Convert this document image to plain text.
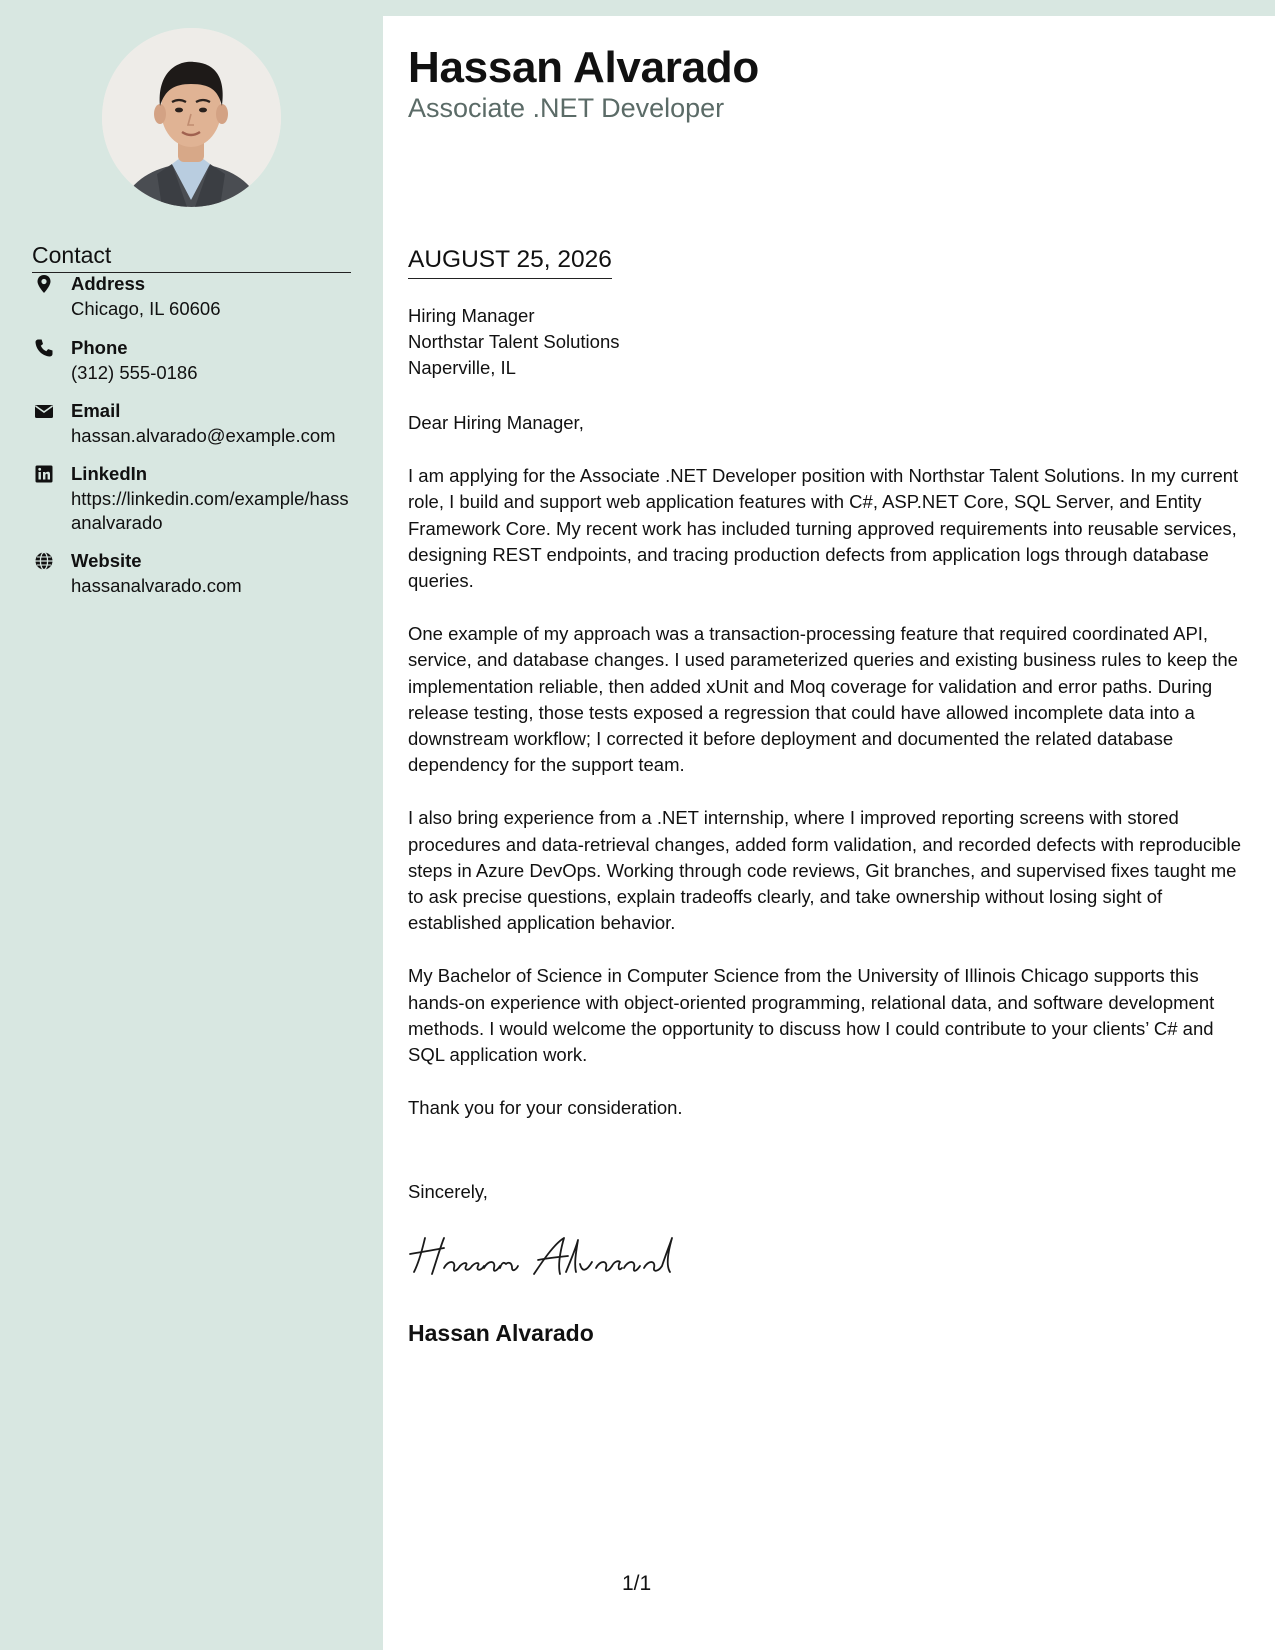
Contact
Address
Chicago, IL 60606
Phone
(312) 555-0186
Email
hassan.alvarado@example.com
LinkedIn
https://linkedin.com/example/hassanalvarado
Website
hassanalvarado.com
Hassan Alvarado
Associate .NET Developer
AUGUST 25, 2026
Hiring Manager
Northstar Talent Solutions
Naperville, IL
Dear Hiring Manager,

I am applying for the Associate .NET Developer position with Northstar Talent Solutions. In my current role, I build and support web application features with C#, ASP.NET Core, SQL Server, and Entity Framework Core. My recent work has included turning approved requirements into reusable services, designing REST endpoints, and tracing production defects from application logs through database queries.

One example of my approach was a transaction-processing feature that required coordinated API, service, and database changes. I used parameterized queries and existing business rules to keep the implementation reliable, then added xUnit and Moq coverage for validation and error paths. During release testing, those tests exposed a regression that could have allowed incomplete data into a downstream workflow; I corrected it before deployment and documented the related database dependency for the support team.

I also bring experience from a .NET internship, where I improved reporting screens with stored procedures and data-retrieval changes, added form validation, and recorded defects with reproducible steps in Azure DevOps. Working through code reviews, Git branches, and supervised fixes taught me to ask precise questions, explain tradeoffs clearly, and take ownership without losing sight of established application behavior.

My Bachelor of Science in Computer Science from the University of Illinois Chicago supports this hands-on experience with object-oriented programming, relational data, and software development methods. I would welcome the opportunity to discuss how I could contribute to your clients’ C# and SQL application work.

Thank you for your consideration.

Sincerely,
Hassan Alvarado
1/1
